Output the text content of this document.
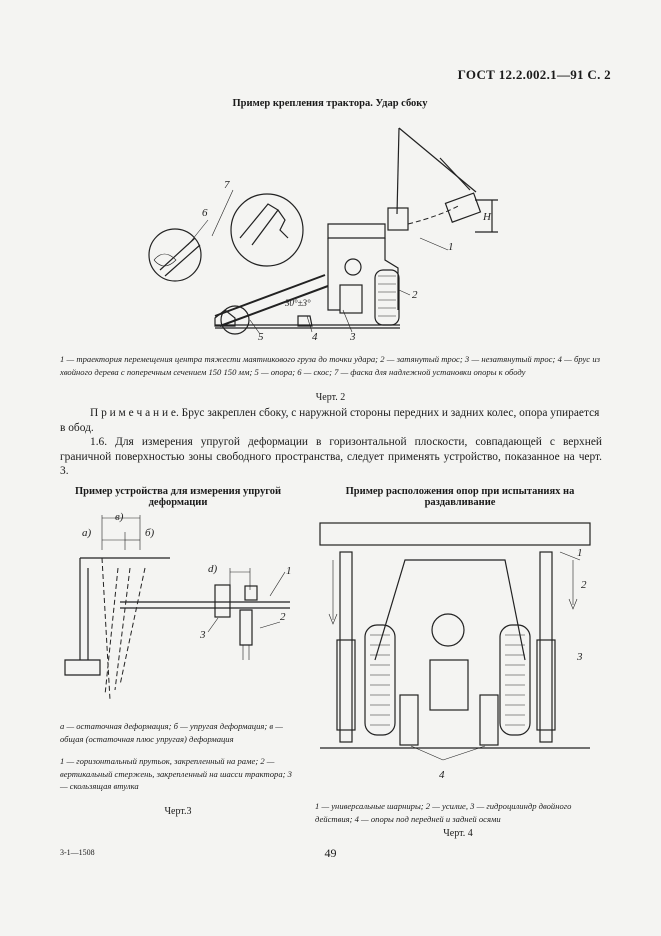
ГОСТ 12.2.002.1—91 С. 2
Пример крепления трактора. Удар сбоку
H
7
6
1
2
3
4
5
30°±3°
1 — траектория перемещения центра тяжести маятникового груза до точки удара; 2 — затянутый трос; 3 — незатянутый трос; 4 — брус из хвойного дерева с поперечным сечением 150 150 мм; 5 — опора; 6 — скос; 7 — фаска для надлежной установки опоры к ободу
Черт. 2
П р и м е ч а н и е. Брус закреплен сбоку, с наружной стороны передних и задних колес, опора упирается в обод.
1.6. Для измерения упругой деформации в горизонтальной плоскости, совпадающей с верхней граничной поверхностью зоны свободного пространства, следует применять устройство, показанное на черт. 3.
Пример устройства для измерения упругой деформации
a)
в)
б)
d)	1
2
3
а — остаточная деформация; б — упругая деформация; в — общая (остаточная плюс упругая) деформация
1 — горизонтальный прутьок, закрепленный на раме; 2 — вертикальный стержень, закрепленный на шасси трактора; 3 — скользящая втулка
Черт.3
Пример расположения опор при испытаниях на раздавливание
1
2
3
4
1 — универсальные шарниры; 2 — усилие, 3 — гидроцилиндр двойного действия; 4 — опоры под передней и задней осями
Черт. 4
3-1—1508	49
